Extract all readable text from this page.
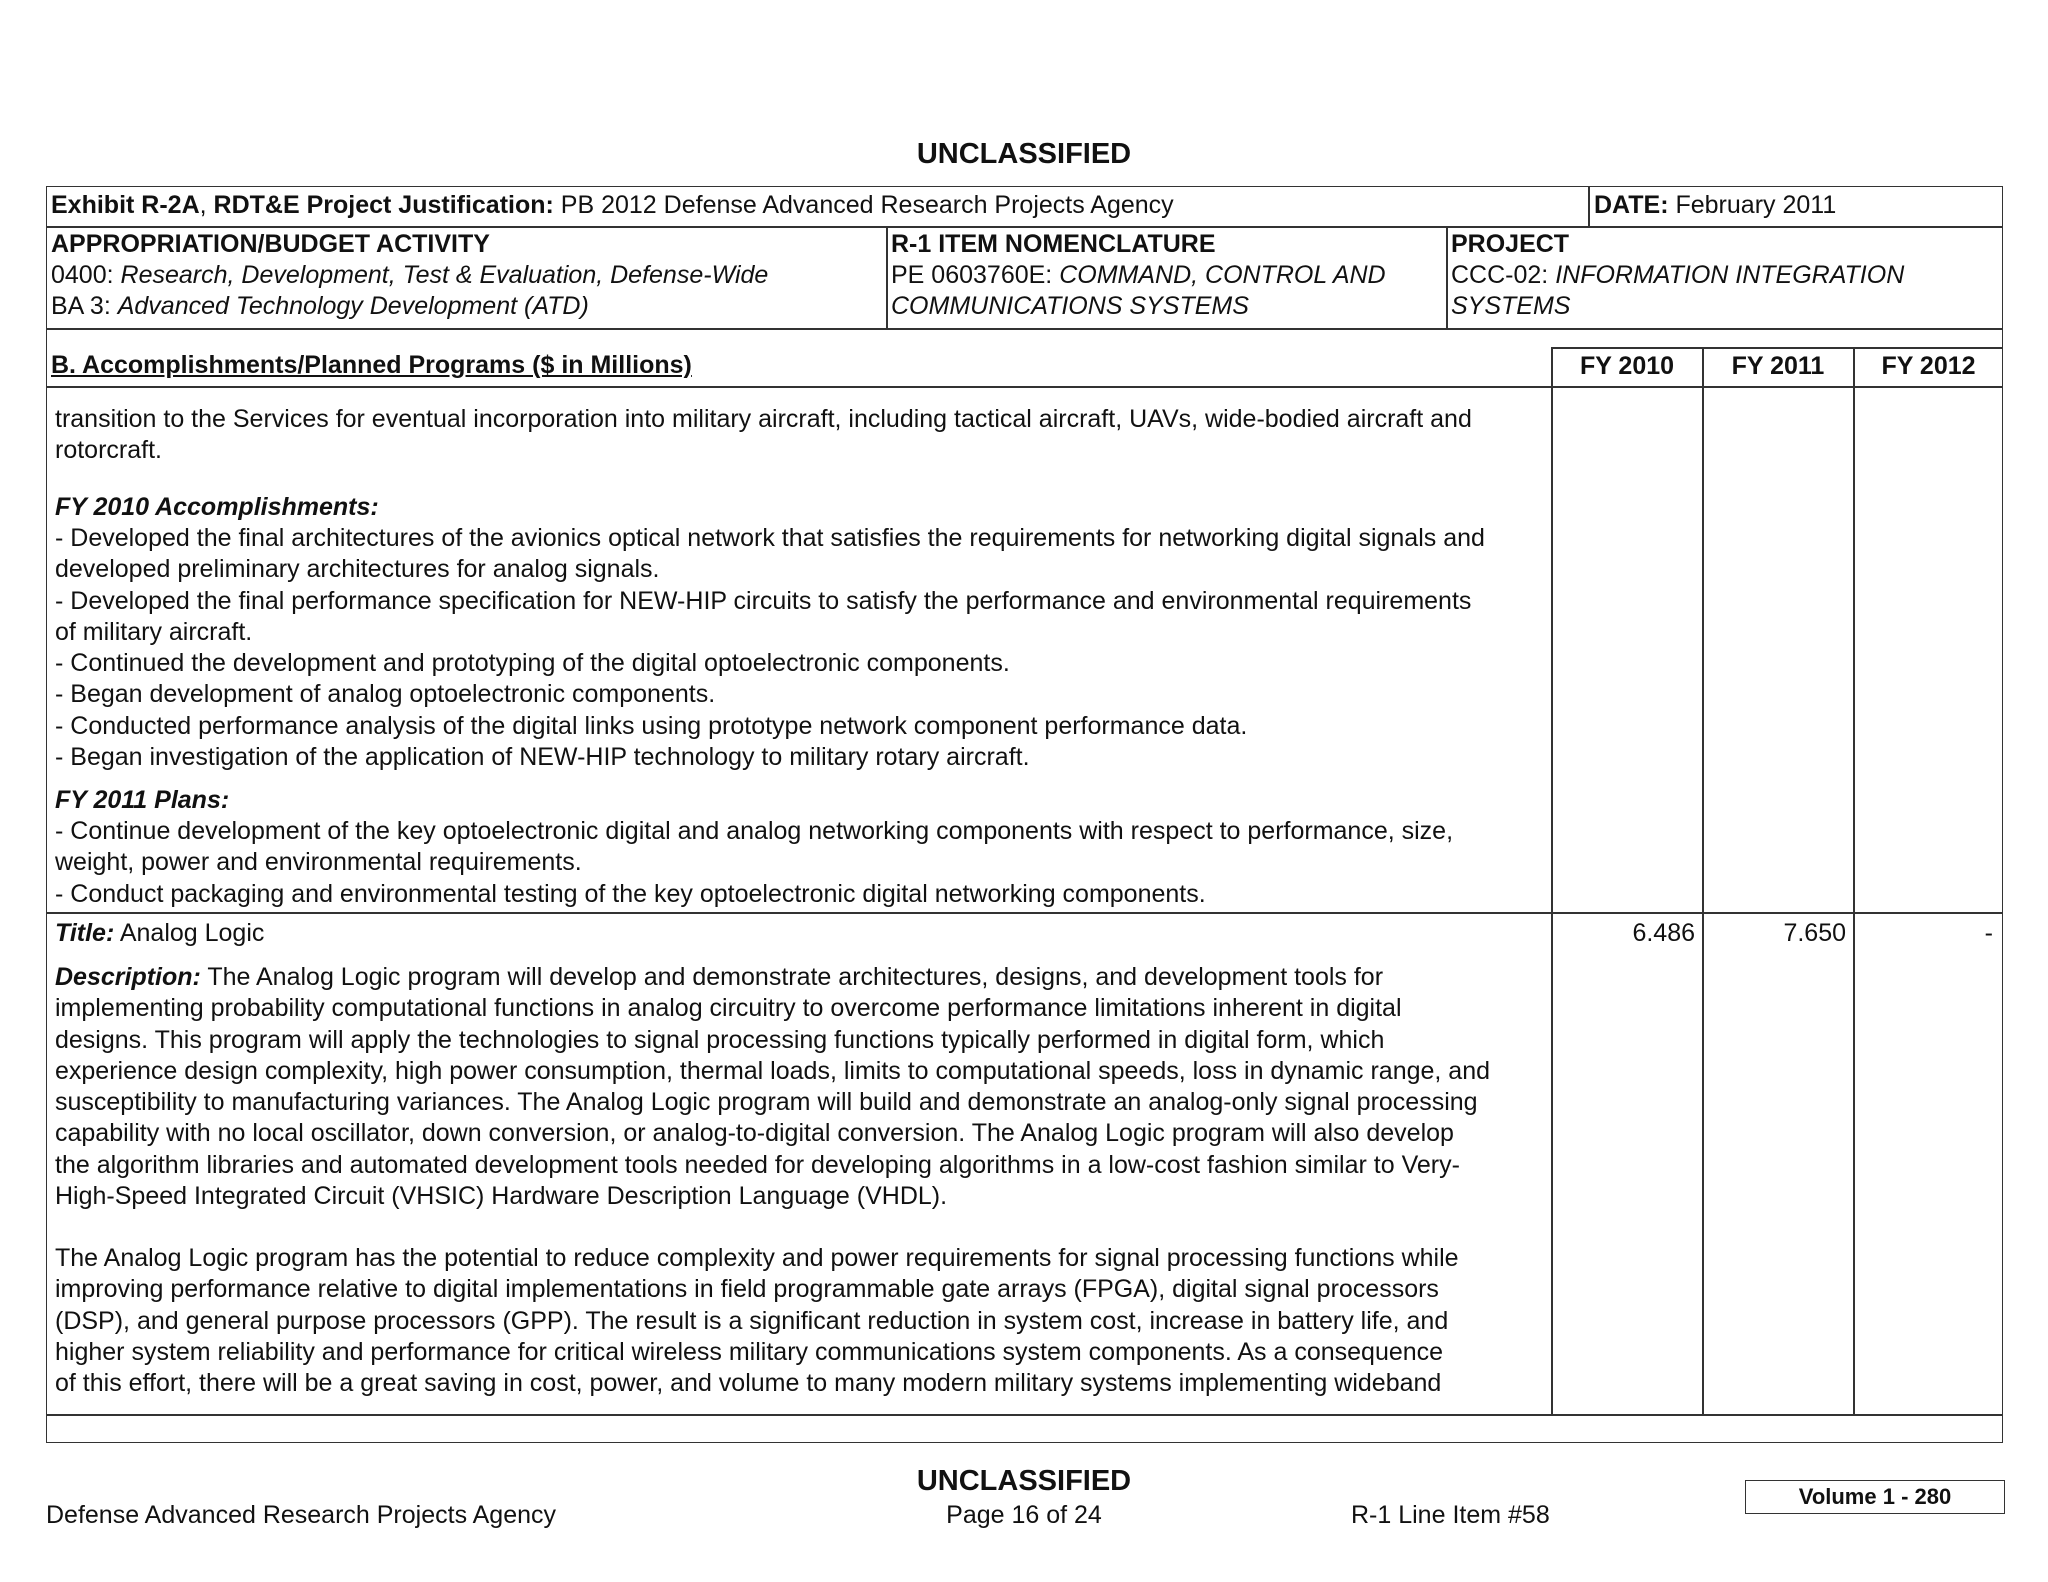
UNCLASSIFIED
Exhibit R-2A, RDT&E Project Justification: PB 2012 Defense Advanced Research Projects Agency	DATE: February 2011
APPROPRIATION/BUDGET ACTIVITY
0400: Research, Development, Test & Evaluation, Defense-Wide
BA 3: Advanced Technology Development (ATD)
R-1 ITEM NOMENCLATURE
PE 0603760E: COMMAND, CONTROL AND
COMMUNICATIONS SYSTEMS
PROJECT
CCC-02: INFORMATION INTEGRATION
SYSTEMS
B. Accomplishments/Planned Programs ($ in Millions)	FY 2010	FY 2011	FY 2012
transition to the Services for eventual incorporation into military aircraft, including tactical aircraft, UAVs, wide-bodied aircraft and
rotorcraft.
FY 2010 Accomplishments:
- Developed the final architectures of the avionics optical network that satisfies the requirements for networking digital signals and
developed preliminary architectures for analog signals.
- Developed the final performance specification for NEW-HIP circuits to satisfy the performance and environmental requirements
of military aircraft.
- Continued the development and prototyping of the digital optoelectronic components.
- Began development of analog optoelectronic components.
- Conducted performance analysis of the digital links using prototype network component performance data.
- Began investigation of the application of NEW-HIP technology to military rotary aircraft.
FY 2011 Plans:
- Continue development of the key optoelectronic digital and analog networking components with respect to performance, size,
weight, power and environmental requirements.
- Conduct packaging and environmental testing of the key optoelectronic digital networking components.
Title: Analog Logic	6.486	7.650	-
Description: The Analog Logic program will develop and demonstrate architectures, designs, and development tools for
implementing probability computational functions in analog circuitry to overcome performance limitations inherent in digital
designs. This program will apply the technologies to signal processing functions typically performed in digital form, which
experience design complexity, high power consumption, thermal loads, limits to computational speeds, loss in dynamic range, and
susceptibility to manufacturing variances. The Analog Logic program will build and demonstrate an analog-only signal processing
capability with no local oscillator, down conversion, or analog-to-digital conversion. The Analog Logic program will also develop
the algorithm libraries and automated development tools needed for developing algorithms in a low-cost fashion similar to Very-
High-Speed Integrated Circuit (VHSIC) Hardware Description Language (VHDL).
The Analog Logic program has the potential to reduce complexity and power requirements for signal processing functions while
improving performance relative to digital implementations in field programmable gate arrays (FPGA), digital signal processors
(DSP), and general purpose processors (GPP). The result is a significant reduction in system cost, increase in battery life, and
higher system reliability and performance for critical wireless military communications system components. As a consequence
of this effort, there will be a great saving in cost, power, and volume to many modern military systems implementing wideband
UNCLASSIFIED
Defense Advanced Research Projects Agency	Page 16 of 24	R-1 Line Item #58
Volume 1 - 280
